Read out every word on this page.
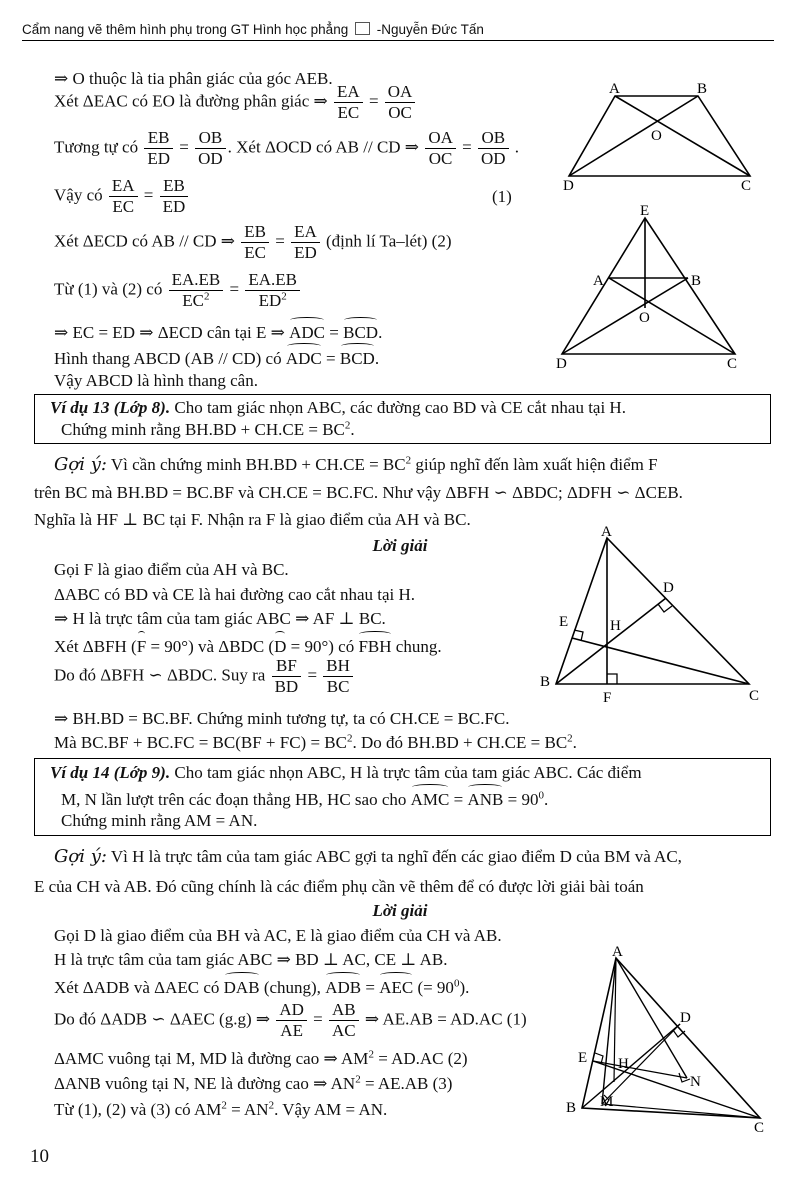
Cẩm nang vẽ thêm hình phụ trong GT Hình học phẳng -Nguyễn Đức Tấn
⇒ O thuộc là tia phân giác của góc AEB.
Xét ΔEAC có EO là đường phân giác ⇒ $\frac{EA}{EC} = \frac{OA}{OC}$
Tương tự có $\frac{EB}{ED} = \frac{OB}{OD}$ . Xét ΔOCD có AB // CD ⇒ $\frac{OA}{OC} = \frac{OB}{OD}$ .
Vậy có $\frac{EA}{EC} = \frac{EB}{ED}$	(1)
Xét ΔECD có AB // CD ⇒ $\frac{EB}{EC} = \frac{EA}{ED}$ (định lí Ta–lét) (2)
Từ (1) và (2) có $\frac{EA.EB}{EC^2} = \frac{EA.EB}{ED^2}$
⇒ EC = ED ⇒ ΔECD cân tại E ⇒ ADC = BCD.
Hình thang ABCD (AB // CD) có ADC = BCD.
Vậy ABCD là hình thang cân.
A	B
O
D	C
E
A	B
O
D	C
Ví dụ 13 (Lớp 8). Cho tam giác nhọn ABC, các đường cao BD và CE cắt nhau tại H.
Chứng minh rằng $BH.BD + CH.CE = BC^2$.
Gợi ý: Vì cần chứng minh $BH.BD + CH.CE = BC^2$ giúp nghĩ đến làm xuất hiện điểm F
trên BC mà BH.BD = BC.BF và CH.CE = BC.FC. Như vậy ΔBFH ∽ ΔBDC; ΔDFH ∽ ΔCEB.
Nghĩa là HF ⊥ BC tại F. Nhận ra F là giao điểm của AH và BC.
Lời giải
Gọi F là giao điểm của AH và BC.
ΔABC có BD và CE là hai đường cao cắt nhau tại H.
⇒ H là trực tâm của tam giác ABC ⇒ AF ⊥ BC.
Xét ΔBFH (F = 90°) và ΔBDC (D = 90°) có FBH chung.
Do đó ΔBFH ∽ ΔBDC. Suy ra $\frac{BF}{BD} = \frac{BH}{BC}$
⇒ BH.BD = BC.BF. Chứng minh tương tự, ta có CH.CE = BC.FC.
Mà $BC.BF + BC.FC = BC(BF + FC) = BC^2$. Do đó $BH.BD + CH.CE = BC^2$.
A
D
E	H
B
F	C
Ví dụ 14 (Lớp 9). Cho tam giác nhọn ABC, H là trực tâm của tam giác ABC. Các điểm
M, N lần lượt trên các đoạn thẳng HB, HC sao cho AMC = ANB = $90^0$.
Chứng minh rằng AM = AN.
Gợi ý: Vì H là trực tâm của tam giác ABC gợi ta nghĩ đến các giao điểm D của BM và AC,
E của CH và AB. Đó cũng chính là các điểm phụ cần vẽ thêm để có được lời giải bài toán
Lời giải
Gọi D là giao điểm của BH và AC, E là giao điểm của CH và AB.
H là trực tâm của tam giác ABC ⇒ BD ⊥ AC, CE ⊥ AB.
Xét ΔADB và ΔAEC có DAB (chung), ADB = AEC (= $90^0$).
Do đó ΔADB ∽ ΔAEC (g.g) ⇒ $\frac{AD}{AE} = \frac{AB}{AC}$ ⇒ AE.AB = AD.AC (1)
ΔAMC vuông tại M, MD là đường cao ⇒ $AM^2 = AD.AC$ (2)
ΔANB vuông tại N, NE là đường cao ⇒ $AN^2 = AE.AB$ (3)
Từ (1), (2) và (3) có $AM^2 = AN^2$. Vậy AM = AN.
A
D
E H
N
B M
C
10
